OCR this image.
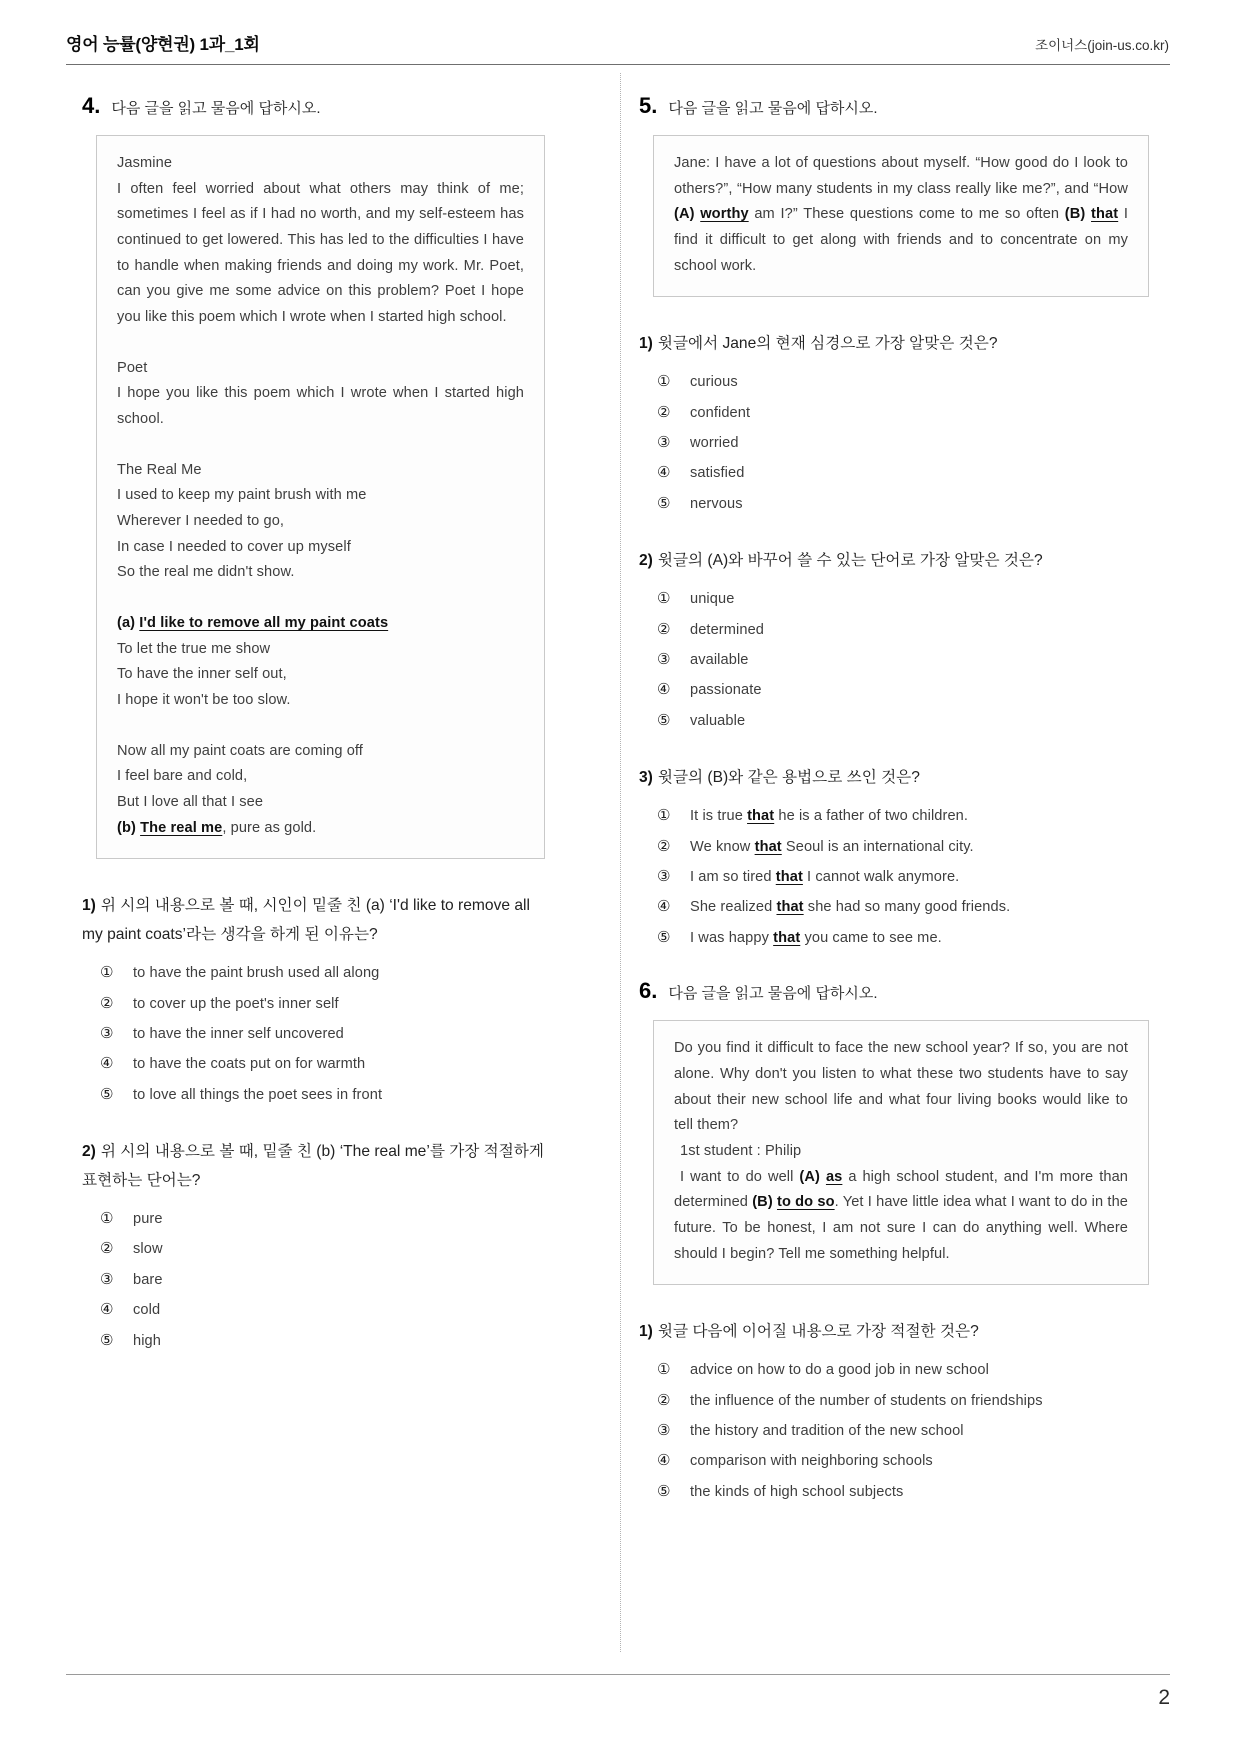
영어 능률(양현권) 1과_1회	조이너스(join-us.co.kr)
4. 다음 글을 읽고 물음에 답하시오.
Jasmine
I often feel worried about what others may think of me; sometimes I feel as if I had no worth, and my self-esteem has continued to get lowered. This has led to the difficulties I have to handle when making friends and doing my work. Mr. Poet, can you give me some advice on this problem? Poet I hope you like this poem which I wrote when I started high school.
Poet
I hope you like this poem which I wrote when I started high school.
The Real Me
I used to keep my paint brush with me
Wherever I needed to go,
In case I needed to cover up myself
So the real me didn't show.
(a) I'd like to remove all my paint coats
To let the true me show
To have the inner self out,
I hope it won't be too slow.
Now all my paint coats are coming off
I feel bare and cold,
But I love all that I see
(b) The real me, pure as gold.
1) 위 시의 내용으로 볼 때, 시인이 밑줄 친 (a) ‘I'd like to remove all my paint coats’라는 생각을 하게 된 이유는?
①	to have the paint brush used all along
②	to cover up the poet's inner self
③	to have the inner self uncovered
④	to have the coats put on for warmth
⑤	to love all things the poet sees in front
2) 위 시의 내용으로 볼 때, 밑줄 친 (b) ‘The real me’를 가장 적절하게 표현하는 단어는?
①	pure
②	slow
③	bare
④	cold
⑤	high
5. 다음 글을 읽고 물음에 답하시오.
Jane: I have a lot of questions about myself. “How good do I look to others?”, “How many students in my class really like me?”, and “How (A) worthy am I?” These questions come to me so often (B) that I find it difficult to get along with friends and to concentrate on my school work.
1) 윗글에서 Jane의 현재 심경으로 가장 알맞은 것은?
①	curious
②	confident
③	worried
④	satisfied
⑤	nervous
2) 윗글의 (A)와 바꾸어 쓸 수 있는 단어로 가장 알맞은 것은?
①	unique
②	determined
③	available
④	passionate
⑤	valuable
3) 윗글의 (B)와 같은 용법으로 쓰인 것은?
①	It is true that he is a father of two children.
②	We know that Seoul is an international city.
③	I am so tired that I cannot walk anymore.
④	She realized that she had so many good friends.
⑤	I was happy that you came to see me.
6. 다음 글을 읽고 물음에 답하시오.
Do you find it difficult to face the new school year? If so, you are not alone. Why don't you listen to what these two students have to say about their new school life and what four living books would like to tell them?
1st student : Philip
I want to do well (A) as a high school student, and I'm more than determined (B) to do so. Yet I have little idea what I want to do in the future. To be honest, I am not sure I can do anything well. Where should I begin? Tell me something helpful.
1) 윗글 다음에 이어질 내용으로 가장 적절한 것은?
①	advice on how to do a good job in new school
②	the influence of the number of students on friendships
③	the history and tradition of the new school
④	comparison with neighboring schools
⑤	the kinds of high school subjects
2
